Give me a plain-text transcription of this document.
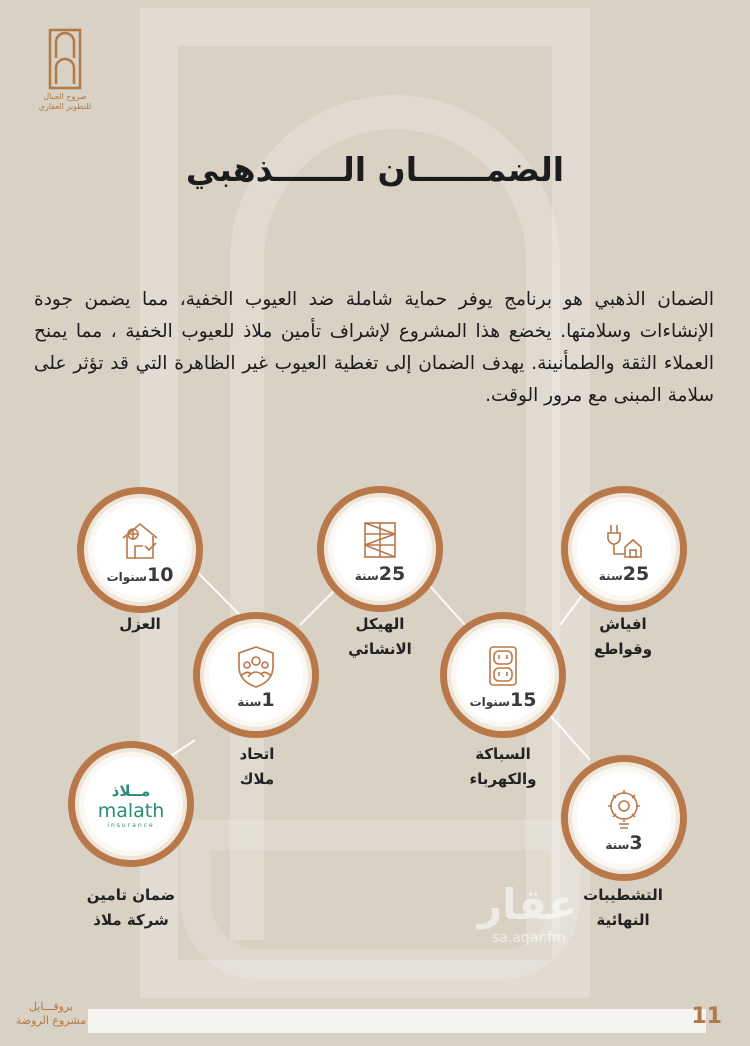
صروح الجبال
للتطوير العقاري
الضمــــــان الــــــذهبي
الضمان الذهبي هو برنامج يوفر حماية شاملة ضد العيوب الخفية، مما يضمن جودة الإنشاءات وسلامتها. يخضع هذا المشروع لإشراف تأمين ملاذ للعيوب الخفية ، مما يمنح العملاء الثقة والطمأنينة. يهدف الضمان إلى تغطية العيوب غير الظاهرة التي قد تؤثر على سلامة المبنى مع مرور الوقت.
10سنوات
العزل
25سنة
الهيكل
الانشائي
25سنة
افياش
وقواطع
1سنة
اتحاد
ملاك
15سنوات
السباكة
والكهرباء
3سنة
التشطيبات
النهائية
مــلاذ
malath
insurance
ضمان تامين
شركة ملاذ	عقار
sa.aqar.fm
بروفـــايل
مشروع الروضة	11
